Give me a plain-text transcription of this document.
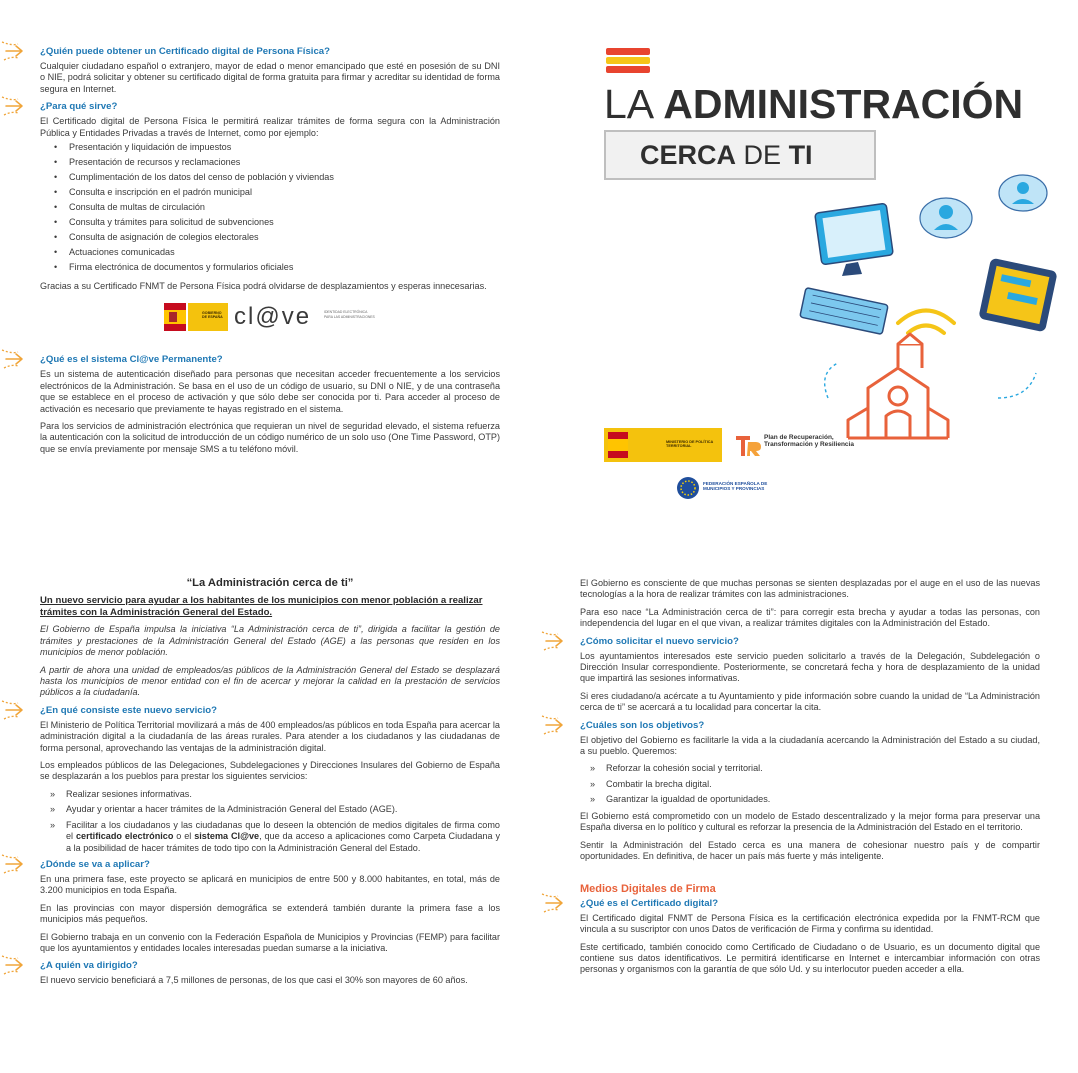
¿Quién puede obtener un Certificado digital de Persona Física?
Cualquier ciudadano español o extranjero, mayor de edad o menor emancipado que esté en posesión de su DNI o NIE, podrá solicitar y obtener su certificado digital de forma gratuita para firmar y acreditar su identidad de forma segura en Internet.
¿Para qué sirve?
El Certificado digital de Persona Física le permitirá realizar trámites de forma segura con la Administración Pública y Entidades Privadas a través de Internet, como por ejemplo:
• Presentación y liquidación de impuestos
• Presentación de recursos y reclamaciones
• Cumplimentación de los datos del censo de población y viviendas
• Consulta e inscripción en el padrón municipal
• Consulta de multas de circulación
• Consulta y trámites para solicitud de subvenciones
• Consulta de asignación de colegios electorales
• Actuaciones comunicadas
• Firma electrónica de documentos y formularios oficiales
Gracias a su Certificado FNMT de Persona Física podrá olvidarse de desplazamientos y esperas innecesarias.
GOBIERNO DE ESPAÑA cl@ve	IDENTIDAD ELECTRÓNICA PARA LAS ADMINISTRACIONES
¿Qué es el sistema Cl@ve Permanente?
Es un sistema de autenticación diseñado para personas que necesitan acceder frecuentemente a los servicios electrónicos de la Administración. Se basa en el uso de un código de usuario, su DNI o NIE, y de una contraseña que se establece en el proceso de activación y que sólo debe ser conocida por ti. Para acceder al proceso de activación es necesario que previamente te hayas registrado en el sistema.
Para los servicios de administración electrónica que requieran un nivel de seguridad elevado, el sistema refuerza la autenticación con la solicitud de introducción de un código numérico de un solo uso (One Time Password, OTP) que se envía previamente por mensaje SMS a tu teléfono móvil.
LA ADMINISTRACIÓN
CERCA DE TI
MINISTERIO DE POLÍTICA TERRITORIAL
Plan de Recuperación, Transformación y Resiliencia
FEDERACIÓN ESPAÑOLA DE MUNICIPIOS Y PROVINCIAS
“La Administración cerca de ti”
Un nuevo servicio para ayudar a los habitantes de los municipios con menor población a realizar trámites con la Administración General del Estado.
El Gobierno de España impulsa la iniciativa “La Administración cerca de ti”, dirigida a facilitar la gestión de trámites y prestaciones de la Administración General del Estado (AGE) a las personas que residen en los municipios de menor población.
A partir de ahora una unidad de empleados/as públicos de la Administración General del Estado se desplazará hasta los municipios de menor entidad con el fin de acercar y mejorar la calidad en la prestación de servicios públicos a la ciudadanía.
¿En qué consiste este nuevo servicio?
El Ministerio de Política Territorial movilizará a más de 400 empleados/as públicos en toda España para acercar la administración digital a la ciudadanía de las áreas rurales. Para atender a los ciudadanos y las ciudadanas de forma personal, aprovechando las ventajas de la administración digital.
Los empleados públicos de las Delegaciones, Subdelegaciones y Direcciones Insulares del Gobierno de España se desplazarán a los pueblos para prestar los siguientes servicios:
» Realizar sesiones informativas.
» Ayudar y orientar a hacer trámites de la Administración General del Estado (AGE).
» Facilitar a los ciudadanos y las ciudadanas que lo deseen la obtención de medios digitales de firma como el certificado electrónico o el sistema Cl@ve, que da acceso a aplicaciones como Carpeta Ciudadana y a la posibilidad de hacer trámites de todo tipo con la Administración General del Estado.
¿Dónde se va a aplicar?
En una primera fase, este proyecto se aplicará en municipios de entre 500 y 8.000 habitantes, en total, más de 3.200 municipios en toda España.
En las provincias con mayor dispersión demográfica se extenderá también durante la primera fase a los municipios más pequeños.
El Gobierno trabaja en un convenio con la Federación Española de Municipios y Provincias (FEMP) para facilitar que los ayuntamientos y entidades locales interesadas puedan sumarse a la iniciativa.
¿A quién va dirigido?
El nuevo servicio beneficiará a 7,5 millones de personas, de los que casi el 30% son mayores de 60 años.
El Gobierno es consciente de que muchas personas se sienten desplazadas por el auge en el uso de las nuevas tecnologías a la hora de realizar trámites con las administraciones.
Para eso nace “La Administración cerca de ti”: para corregir esta brecha y ayudar a todas las personas, con independencia del lugar en el que vivan, a realizar trámites digitales con la Administración del Estado.
¿Cómo solicitar el nuevo servicio?
Los ayuntamientos interesados este servicio pueden solicitarlo a través de la Delegación, Subdelegación o Dirección Insular correspondiente. Posteriormente, se concretará fecha y hora de desplazamiento de la unidad que impartirá las sesiones informativas.
Si eres ciudadano/a acércate a tu Ayuntamiento y pide información sobre cuando la unidad de “La Administración cerca de ti” se acercará a tu localidad para concertar la cita.
¿Cuáles son los objetivos?
El objetivo del Gobierno es facilitarle la vida a la ciudadanía acercando la Administración del Estado a su ciudad, a su pueblo. Queremos:
» Reforzar la cohesión social y territorial.
» Combatir la brecha digital.
» Garantizar la igualdad de oportunidades.
El Gobierno está comprometido con un modelo de Estado descentralizado y la mejor forma para preservar una España diversa en lo político y cultural es reforzar la presencia de la Administración del Estado en el territorio.
Sentir la Administración del Estado cerca es una manera de cohesionar nuestro país y de compartir oportunidades. En definitiva, de hacer un país más fuerte y más inteligente.
Medios Digitales de Firma
¿Qué es el Certificado digital?
El Certificado digital FNMT de Persona Física es la certificación electrónica expedida por la FNMT-RCM que vincula a su suscriptor con unos Datos de verificación de Firma y confirma su identidad.
Este certificado, también conocido como Certificado de Ciudadano o de Usuario, es un documento digital que contiene sus datos identificativos. Le permitirá identificarse en Internet e intercambiar información con otras personas y organismos con la garantía de que sólo Ud. y su interlocutor pueden acceder a ella.
